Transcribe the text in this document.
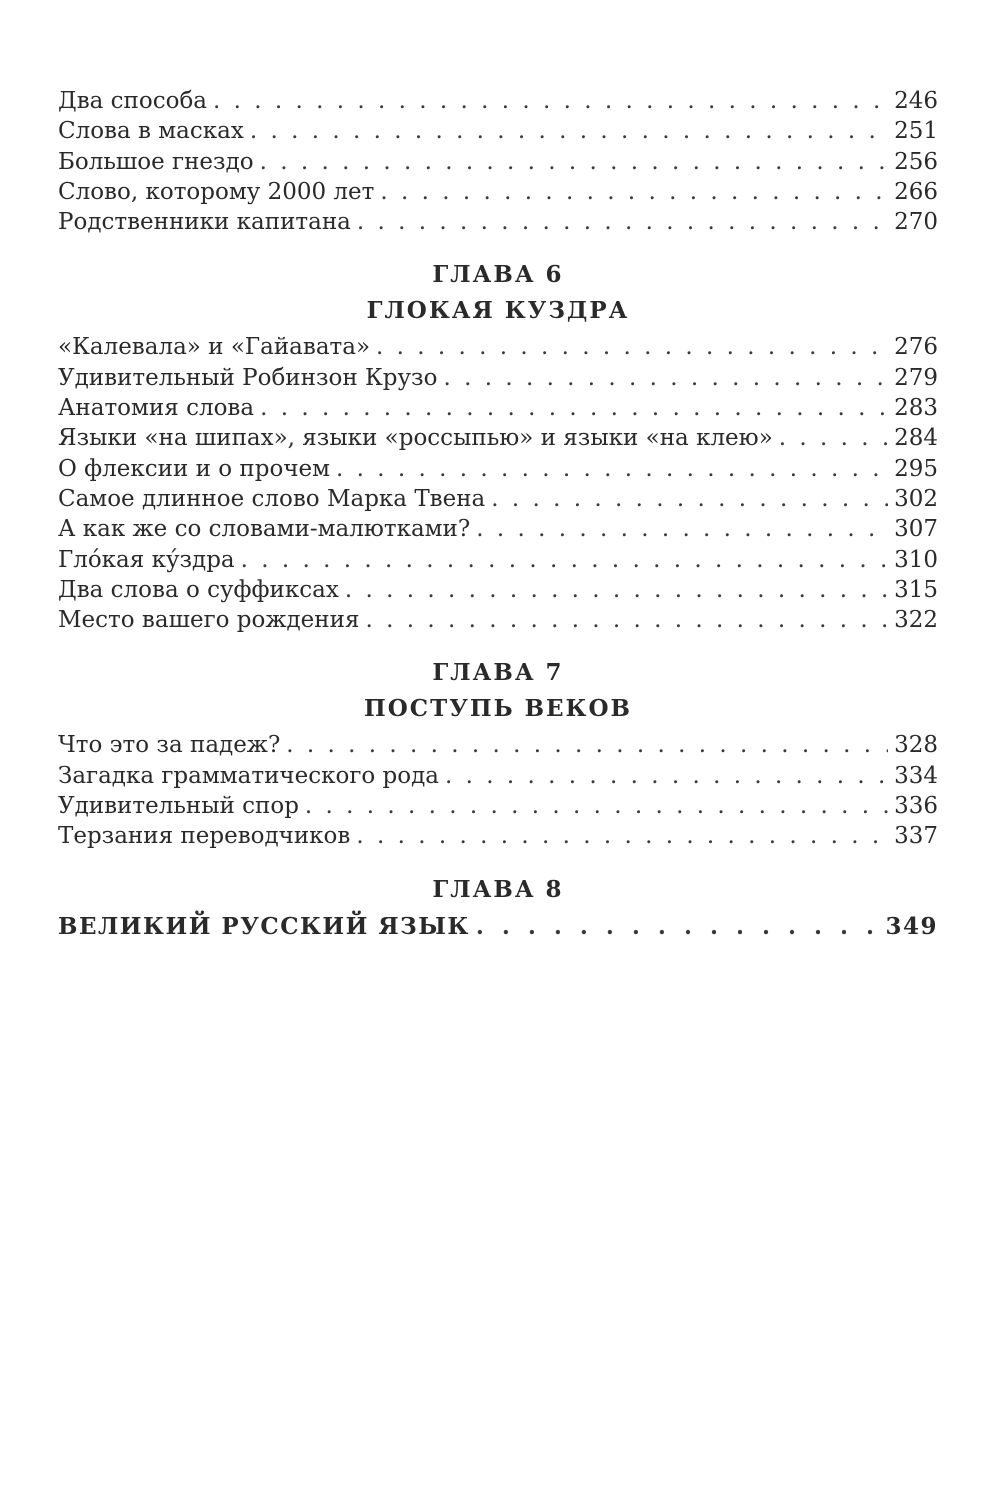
Два способа . . .	246
Слова в масках . . .	251
Большое гнездо . . .	256
Слово, которому 2000 лет . . .	266
Родственники капитана . . .	270
ГЛАВА 6
ГЛОКАЯ КУЗДРА
«Калевала» и «Гайавата» . . .	276
Удивительный Робинзон Крузо . . .	279
Анатомия слова . . .	283
Языки «на шипах», языки «россыпью» и языки «на клею» . . .	284
О флексии и о прочем . . .	295
Самое длинное слово Марка Твена . . .	302
А как же со словами-малютками? . . .	307
Гло́кая ку́здра . . .	310
Два слова о суффиксах . . .	315
Место вашего рождения . . .	322
ГЛАВА 7
ПОСТУПЬ ВЕКОВ
Что это за падеж? . . .	328
Загадка грамматического рода . . .	334
Удивительный спор . . .	336
Терзания переводчиков . . .	337
ГЛАВА 8
ВЕЛИКИЙ РУССКИЙ ЯЗЫК . . .	349
